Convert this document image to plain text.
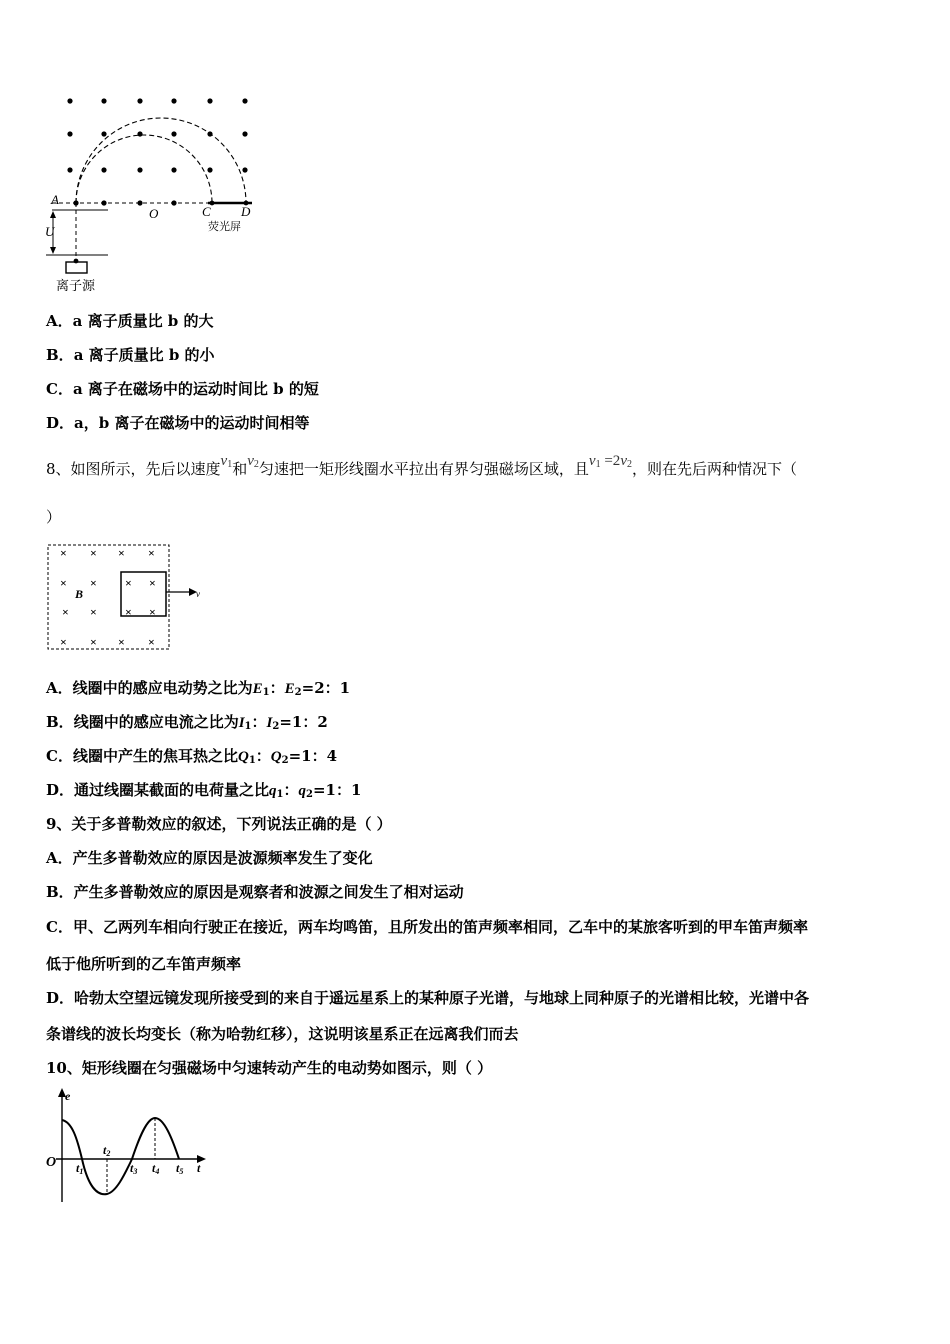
A
O	C D
U	荧光屏
离子源
A．a 离子质量比 b 的大
B．a 离子质量比 b 的小
C．a 离子在磁场中的运动时间比 b 的短
D．a，b 离子在磁场中的运动时间相等
8、如图所示，先后以速度$v_1$和$v_2$匀速把一矩形线圈水平拉出有界匀强磁场区域，且$v_1 =2v_2$，则在先后两种情况下（
）
× × × ×
× × × ×
× × × ×
× × × ×
B	v
A．线圈中的感应电动势之比为$E_1$：$E_2=2$：1
B．线圈中的感应电流之比为$I_1$：$I_2=1$：2
C．线圈中产生的焦耳热之比$Q_1$：$Q_2=1$：4
D．通过线圈某截面的电荷量之比$q_1$：$q_2=1$：1
9、关于多普勒效应的叙述，下列说法正确的是（ ）
A．产生多普勒效应的原因是波源频率发生了变化
B．产生多普勒效应的原因是观察者和波源之间发生了相对运动
C．甲、乙两列车相向行驶正在接近，两车均鸣笛，且所发出的笛声频率相同，乙车中的某旅客听到的甲车笛声频率
低于他所听到的乙车笛声频率
D．哈勃太空望远镜发现所接受到的来自于遥远星系上的某种原子光谱，与地球上同种原子的光谱相比较，光谱中各
条谱线的波长均变长（称为哈勃红移），这说明该星系正在远离我们而去
10、矩形线圈在匀强磁场中匀速转动产生的电动势如图示，则（ ）
e
O	t
t1
t2
t3 t4 t5
